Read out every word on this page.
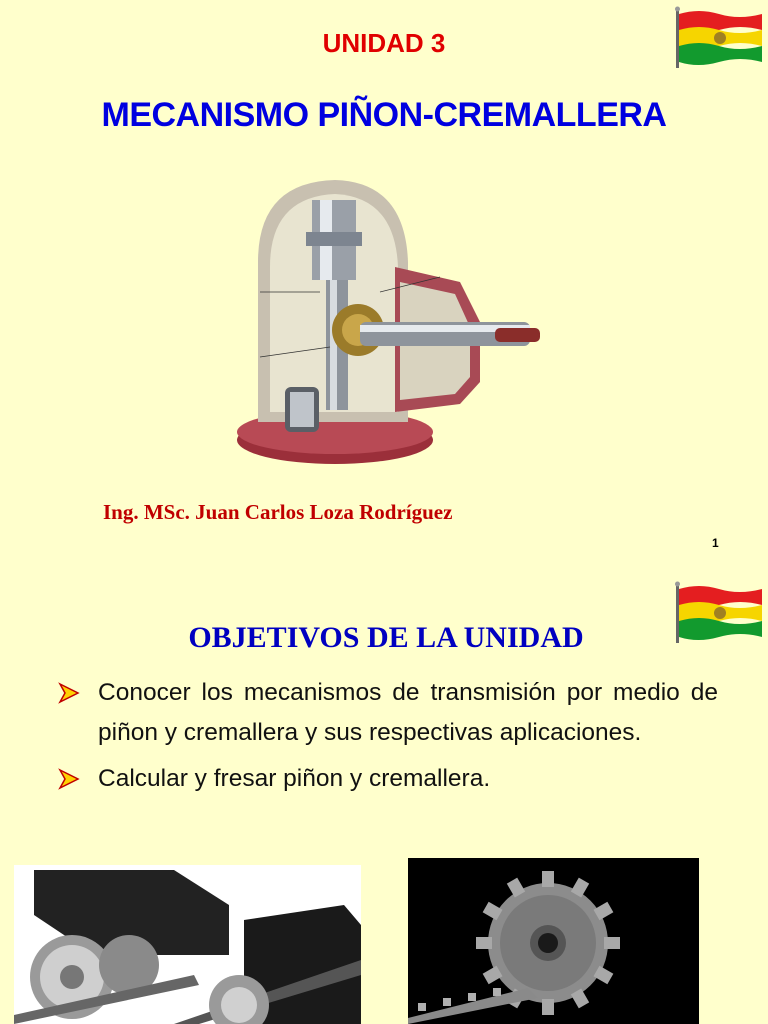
UNIDAD 3
MECANISMO PIÑON-CREMALLERA
Ing. MSc. Juan Carlos Loza Rodríguez
1
OBJETIVOS DE LA UNIDAD
Conocer los mecanismos de transmisión por medio de piñon y cremallera y sus respectivas aplicaciones.
Calcular y fresar piñon y cremallera.
